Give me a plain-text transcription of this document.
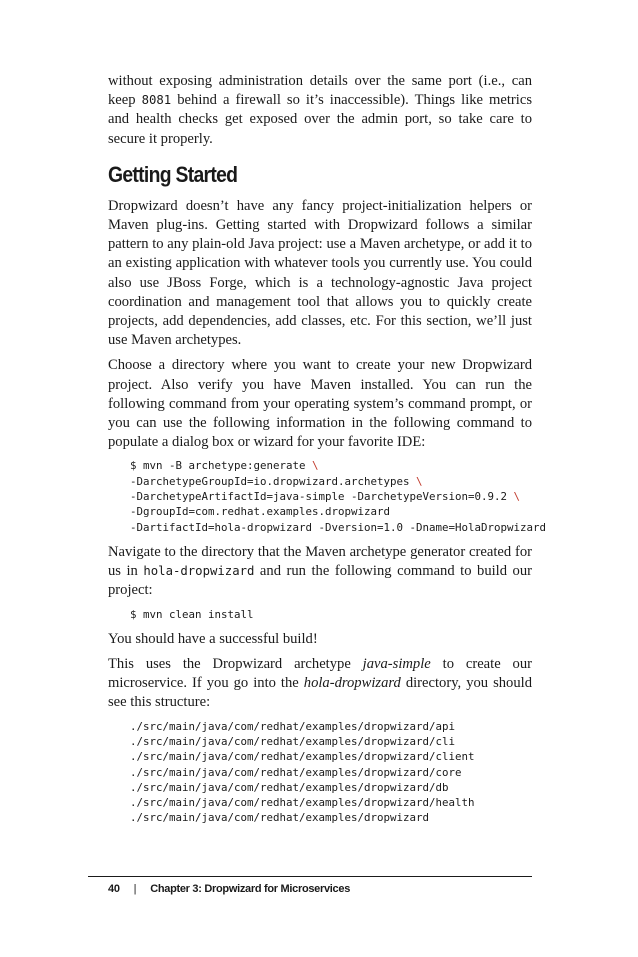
without exposing administration details over the same port (i.e., can keep 8081 behind a firewall so it’s inaccessible). Things like metrics and health checks get exposed over the admin port, so take care to secure it properly.

Getting Started

Dropwizard doesn’t have any fancy project-initialization helpers or Maven plug-ins. Getting started with Dropwizard follows a similar pattern to any plain-old Java project: use a Maven archetype, or add it to an existing application with whatever tools you currently use. You could also use JBoss Forge, which is a technology-agnostic Java project coordination and management tool that allows you to quickly create projects, add dependencies, add classes, etc. For this section, we’ll just use Maven archetypes.

Choose a directory where you want to create your new Dropwizard project. Also verify you have Maven installed. You can run the following command from your operating system’s command prompt, or you can use the following information in the following command to populate a dialog box or wizard for your favorite IDE:

$ mvn -B archetype:generate \
-DarchetypeGroupId=io.dropwizard.archetypes \
-DarchetypeArtifactId=java-simple -DarchetypeVersion=0.9.2 \
-DgroupId=com.redhat.examples.dropwizard
-DartifactId=hola-dropwizard -Dversion=1.0 -Dname=HolaDropwizard

Navigate to the directory that the Maven archetype generator created for us in hola-dropwizard and run the following command to build our project:

$ mvn clean install

You should have a successful build!

This uses the Dropwizard archetype java-simple to create our microservice. If you go into the hola-dropwizard directory, you should see this structure:

./src/main/java/com/redhat/examples/dropwizard/api
./src/main/java/com/redhat/examples/dropwizard/cli
./src/main/java/com/redhat/examples/dropwizard/client
./src/main/java/com/redhat/examples/dropwizard/core
./src/main/java/com/redhat/examples/dropwizard/db
./src/main/java/com/redhat/examples/dropwizard/health
./src/main/java/com/redhat/examples/dropwizard
40 | Chapter 3: Dropwizard for Microservices
